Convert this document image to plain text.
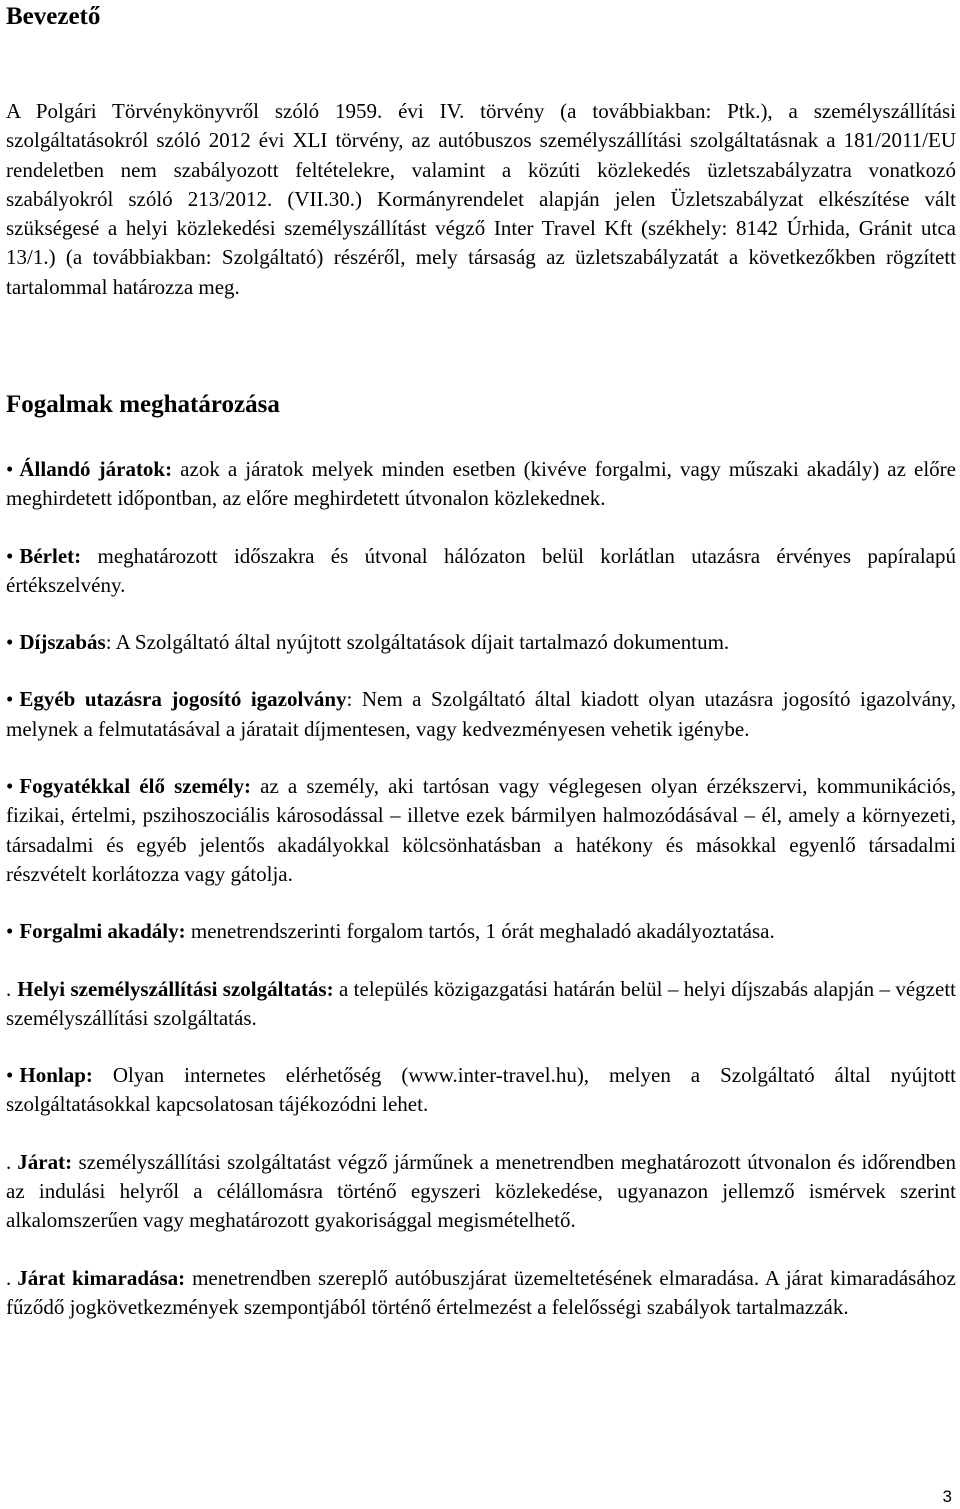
Bevezető

A Polgári Törvénykönyvről szóló 1959. évi IV. törvény (a továbbiakban: Ptk.), a személyszállítási szolgáltatásokról szóló 2012 évi XLI törvény, az autóbuszos személyszállítási szolgáltatásnak a 181/2011/EU rendeletben nem szabályozott feltételekre, valamint a közúti közlekedés üzletszabályzatra vonatkozó szabályokról szóló 213/2012. (VII.30.) Kormányrendelet alapján jelen Üzletszabályzat elkészítése vált szükségesé a helyi közlekedési személyszállítást végző Inter Travel Kft (székhely: 8142 Úrhida, Gránit utca 13/1.) (a továbbiakban: Szolgáltató) részéről, mely társaság az üzletszabályzatát a következőkben rögzített tartalommal határozza meg.

Fogalmak meghatározása
• Állandó járatok: azok a járatok melyek minden esetben (kivéve forgalmi, vagy műszaki akadály) az előre meghirdetett időpontban, az előre meghirdetett útvonalon közlekednek.
• Bérlet: meghatározott időszakra és útvonal hálózaton belül korlátlan utazásra érvényes papíralapú értékszelvény.
• Díjszabás: A Szolgáltató által nyújtott szolgáltatások díjait tartalmazó dokumentum.
• Egyéb utazásra jogosító igazolvány: Nem a Szolgáltató által kiadott olyan utazásra jogosító igazolvány, melynek a felmutatásával a járatait díjmentesen, vagy kedvezményesen vehetik igénybe.
• Fogyatékkal élő személy: az a személy, aki tartósan vagy véglegesen olyan érzékszervi, kommunikációs, fizikai, értelmi, pszihoszociális károsodással – illetve ezek bármilyen halmozódásával – él, amely a környezeti, társadalmi és egyéb jelentős akadályokkal kölcsönhatásban a hatékony és másokkal egyenlő társadalmi részvételt korlátozza vagy gátolja.
• Forgalmi akadály: menetrendszerinti forgalom tartós, 1 órát meghaladó akadályoztatása.
. Helyi személyszállítási szolgáltatás: a település közigazgatási határán belül – helyi díjszabás alapján – végzett személyszállítási szolgáltatás.
• Honlap: Olyan internetes elérhetőség (www.inter-travel.hu), melyen a Szolgáltató által nyújtott szolgáltatásokkal kapcsolatosan tájékozódni lehet.
. Járat: személyszállítási szolgáltatást végző járműnek a menetrendben meghatározott útvonalon és időrendben az indulási helyről a célállomásra történő egyszeri közlekedése, ugyanazon jellemző ismérvek szerint alkalomszerűen vagy meghatározott gyakorisággal megismételhető.
. Járat kimaradása: menetrendben szereplő autóbuszjárat üzemeltetésének elmaradása. A járat kimaradásához fűződő jogkövetkezmények szempontjából történő értelmezést a felelősségi szabályok tartalmazzák.
3
